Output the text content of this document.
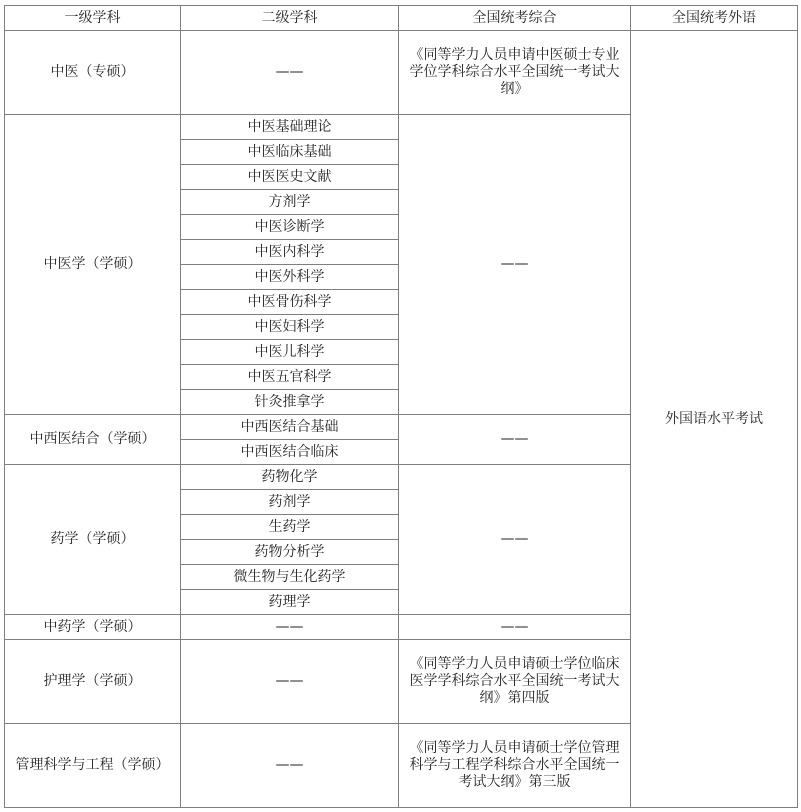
一级学科	二级学科	全国统考综合	全国统考外语
中医（专硕）	——	《同等学力人员申请中医硕士专业学位学科综合水平全国统一考试大纲》	外国语水平考试
中医学（学硕）	中医基础理论	——	
	中医临床基础		
	中医医史文献		
	方剂学		
	中医诊断学		
	中医内科学		
	中医外科学		
	中医骨伤科学		
	中医妇科学		
	中医儿科学		
	中医五官科学		
	针灸推拿学		
中西医结合（学硕）	中西医结合基础	——	
	中西医结合临床		
药学（学硕）	药物化学	——	
	药剂学		
	生药学		
	药物分析学		
	微生物与生化药学		
	药理学		
中药学（学硕）	——	——	
护理学（学硕）	——	《同等学力人员申请硕士学位临床医学学科综合水平全国统一考试大纲》第四版	
管理科学与工程（学硕）	——	《同等学力人员申请硕士学位管理科学与工程学科综合水平全国统一考试大纲》第三版	
